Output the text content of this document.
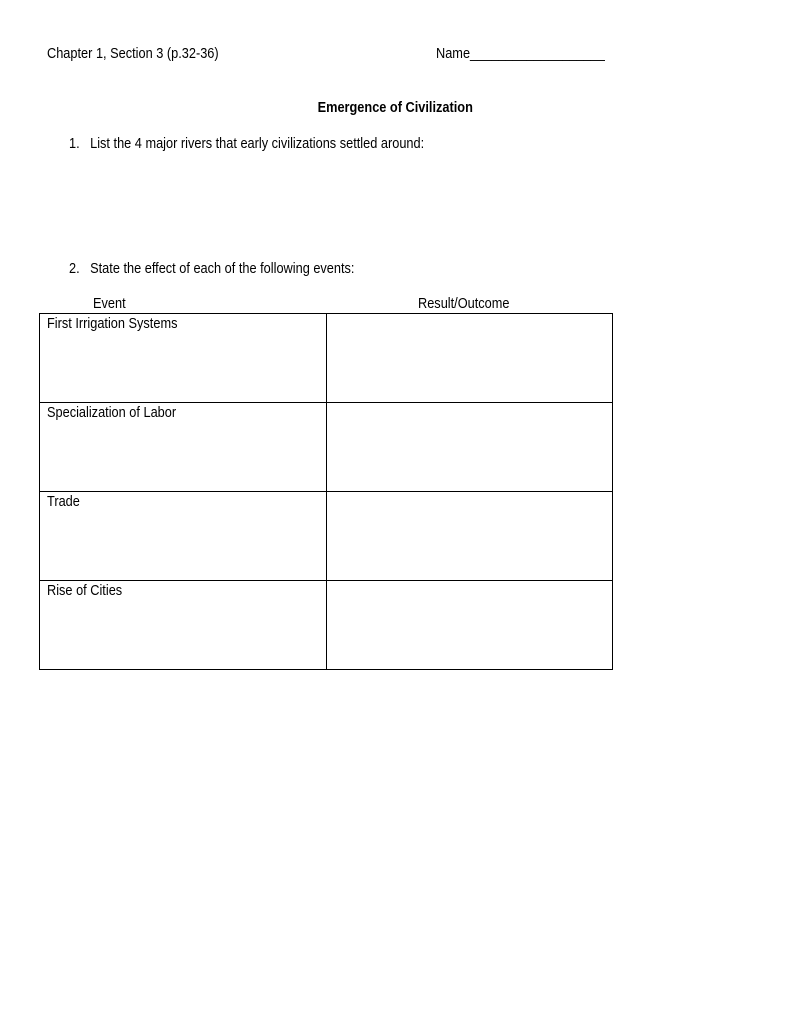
Chapter 1, Section 3 (p.32-36)	Name___________________
Emergence of Civilization
1. List the 4 major rivers that early civilizations settled around:
2. State the effect of each of the following events:
Event	Result/Outcome
First Irrigation Systems	

Specialization of Labor	

Trade	

Rise of Cities	
